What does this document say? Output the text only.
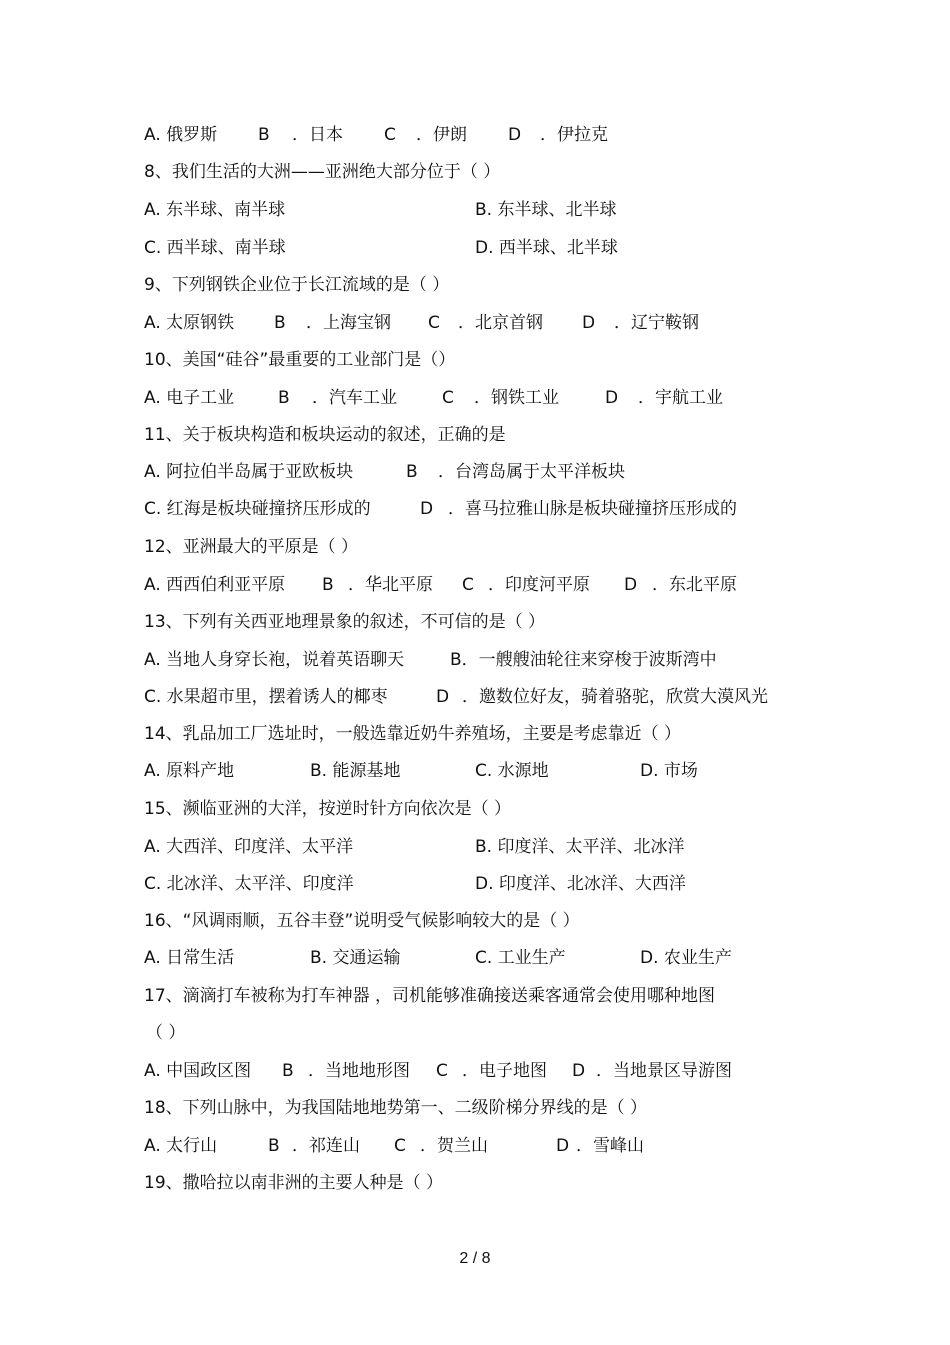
A. 俄罗斯 B ．日本 C ．伊朗 D ．伊拉克
8、我们生活的大洲——亚洲绝大部分位于（ ）
A. 东半球、南半球	B. 东半球、北半球
C. 西半球、南半球	D. 西半球、北半球
9、下列钢铁企业位于长江流域的是（ ）
A. 太原钢铁 B ．上海宝钢 C ．北京首钢 D ．辽宁鞍钢
10、美国“硅谷”最重要的工业部门是（）
A. 电子工业	B ．汽车工业	C ．钢铁工业	D ．宇航工业
11、关于板块构造和板块运动的叙述，正确的是
A. 阿拉伯半岛属于亚欧板块	B ．台湾岛属于太平洋板块
C. 红海是板块碰撞挤压形成的	D ．喜马拉雅山脉是板块碰撞挤压形成的
12、亚洲最大的平原是（ ）
A. 西西伯利亚平原 B ．华北平原 C ．印度河平原 D ．东北平原
13、下列有关西亚地理景象的叙述，不可信的是（ ）
A. 当地人身穿长袍，说着英语聊天	B．一艘艘油轮往来穿梭于波斯湾中
C. 水果超市里，摆着诱人的椰枣	D ．邀数位好友，骑着骆驼，欣赏大漠风光
14、乳品加工厂选址时，一般选靠近奶牛养殖场，主要是考虑靠近（ ）
A. 原料产地	B. 能源基地	C. 水源地	D. 市场
15、濒临亚洲的大洋，按逆时针方向依次是（ ）
A. 大西洋、印度洋、太平洋	B. 印度洋、太平洋、北冰洋
C. 北冰洋、太平洋、印度洋	D. 印度洋、北冰洋、大西洋
16、“风调雨顺，五谷丰登”说明受气候影响较大的是（ ）
A. 日常生活	B. 交通运输	C. 工业生产	D. 农业生产
17、滴滴打车被称为打车神器 ，司机能够准确接送乘客通常会使用哪种地图
（ ）
A. 中国政区图 B ．当地地形图 C ．电子地图 D ．当地景区导游图
18、下列山脉中，为我国陆地地势第一、二级阶梯分界线的是（ ）
A. 太行山	B ．祁连山 C ．贺兰山	D ．雪峰山
19、撒哈拉以南非洲的主要人种是（ ）
2 / 8
